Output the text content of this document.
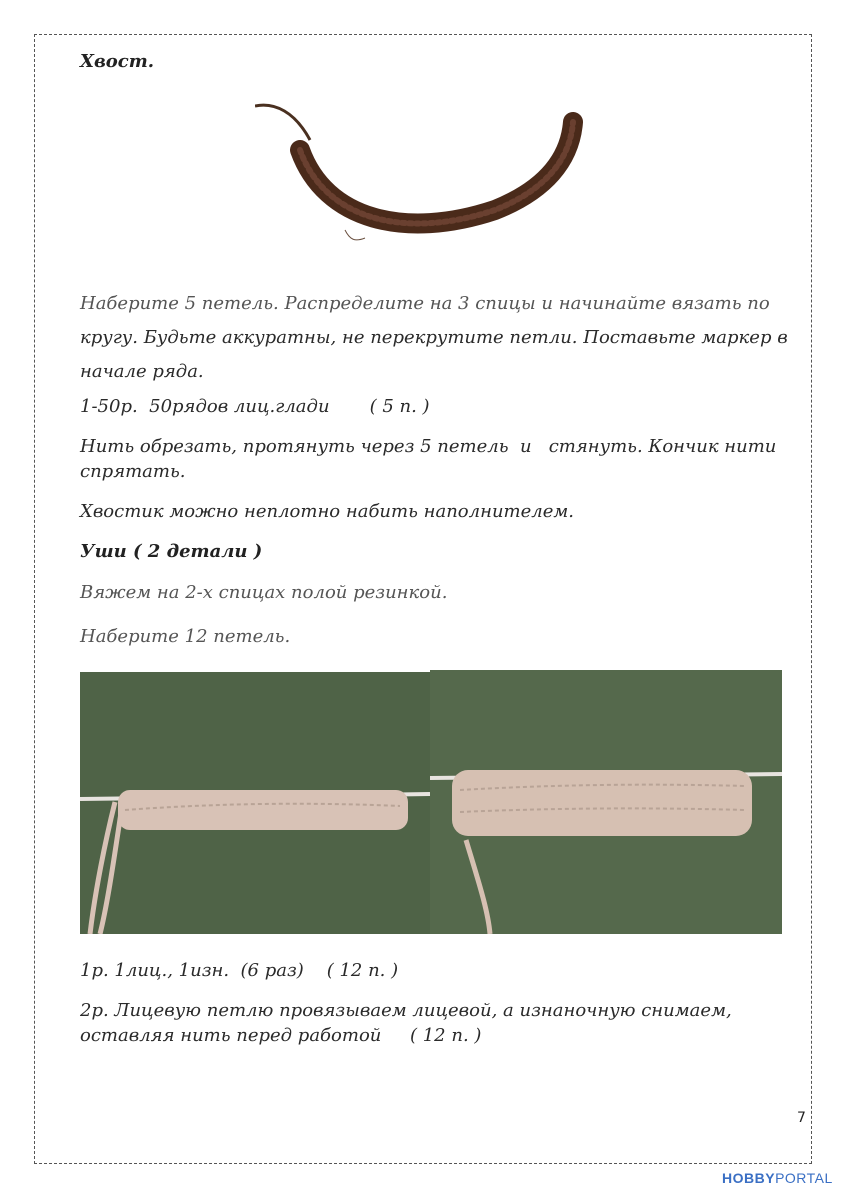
Хвост.
Наберите 5 петель. Распределите на 3 спицы и начинайте вязать по
кругу. Будьте аккуратны, не перекрутите петли. Поставьте маркер в
начале ряда.
1-50р.  50рядов лиц.глади       ( 5 п. )
Нить обрезать, протянуть через 5 петель  и   стянуть. Кончик нити
спрятать.
Хвостик можно неплотно набить наполнителем.
Уши ( 2 детали )
Вяжем на 2-х спицах полой резинкой.
Наберите 12 петель.
1р. 1лиц., 1изн.  (6 раз)    ( 12 п. )
2р. Лицевую петлю провязываем лицевой, а изнаночную снимаем,
оставляя нить перед работой     ( 12 п. )
7
HOBBYPORTAL
